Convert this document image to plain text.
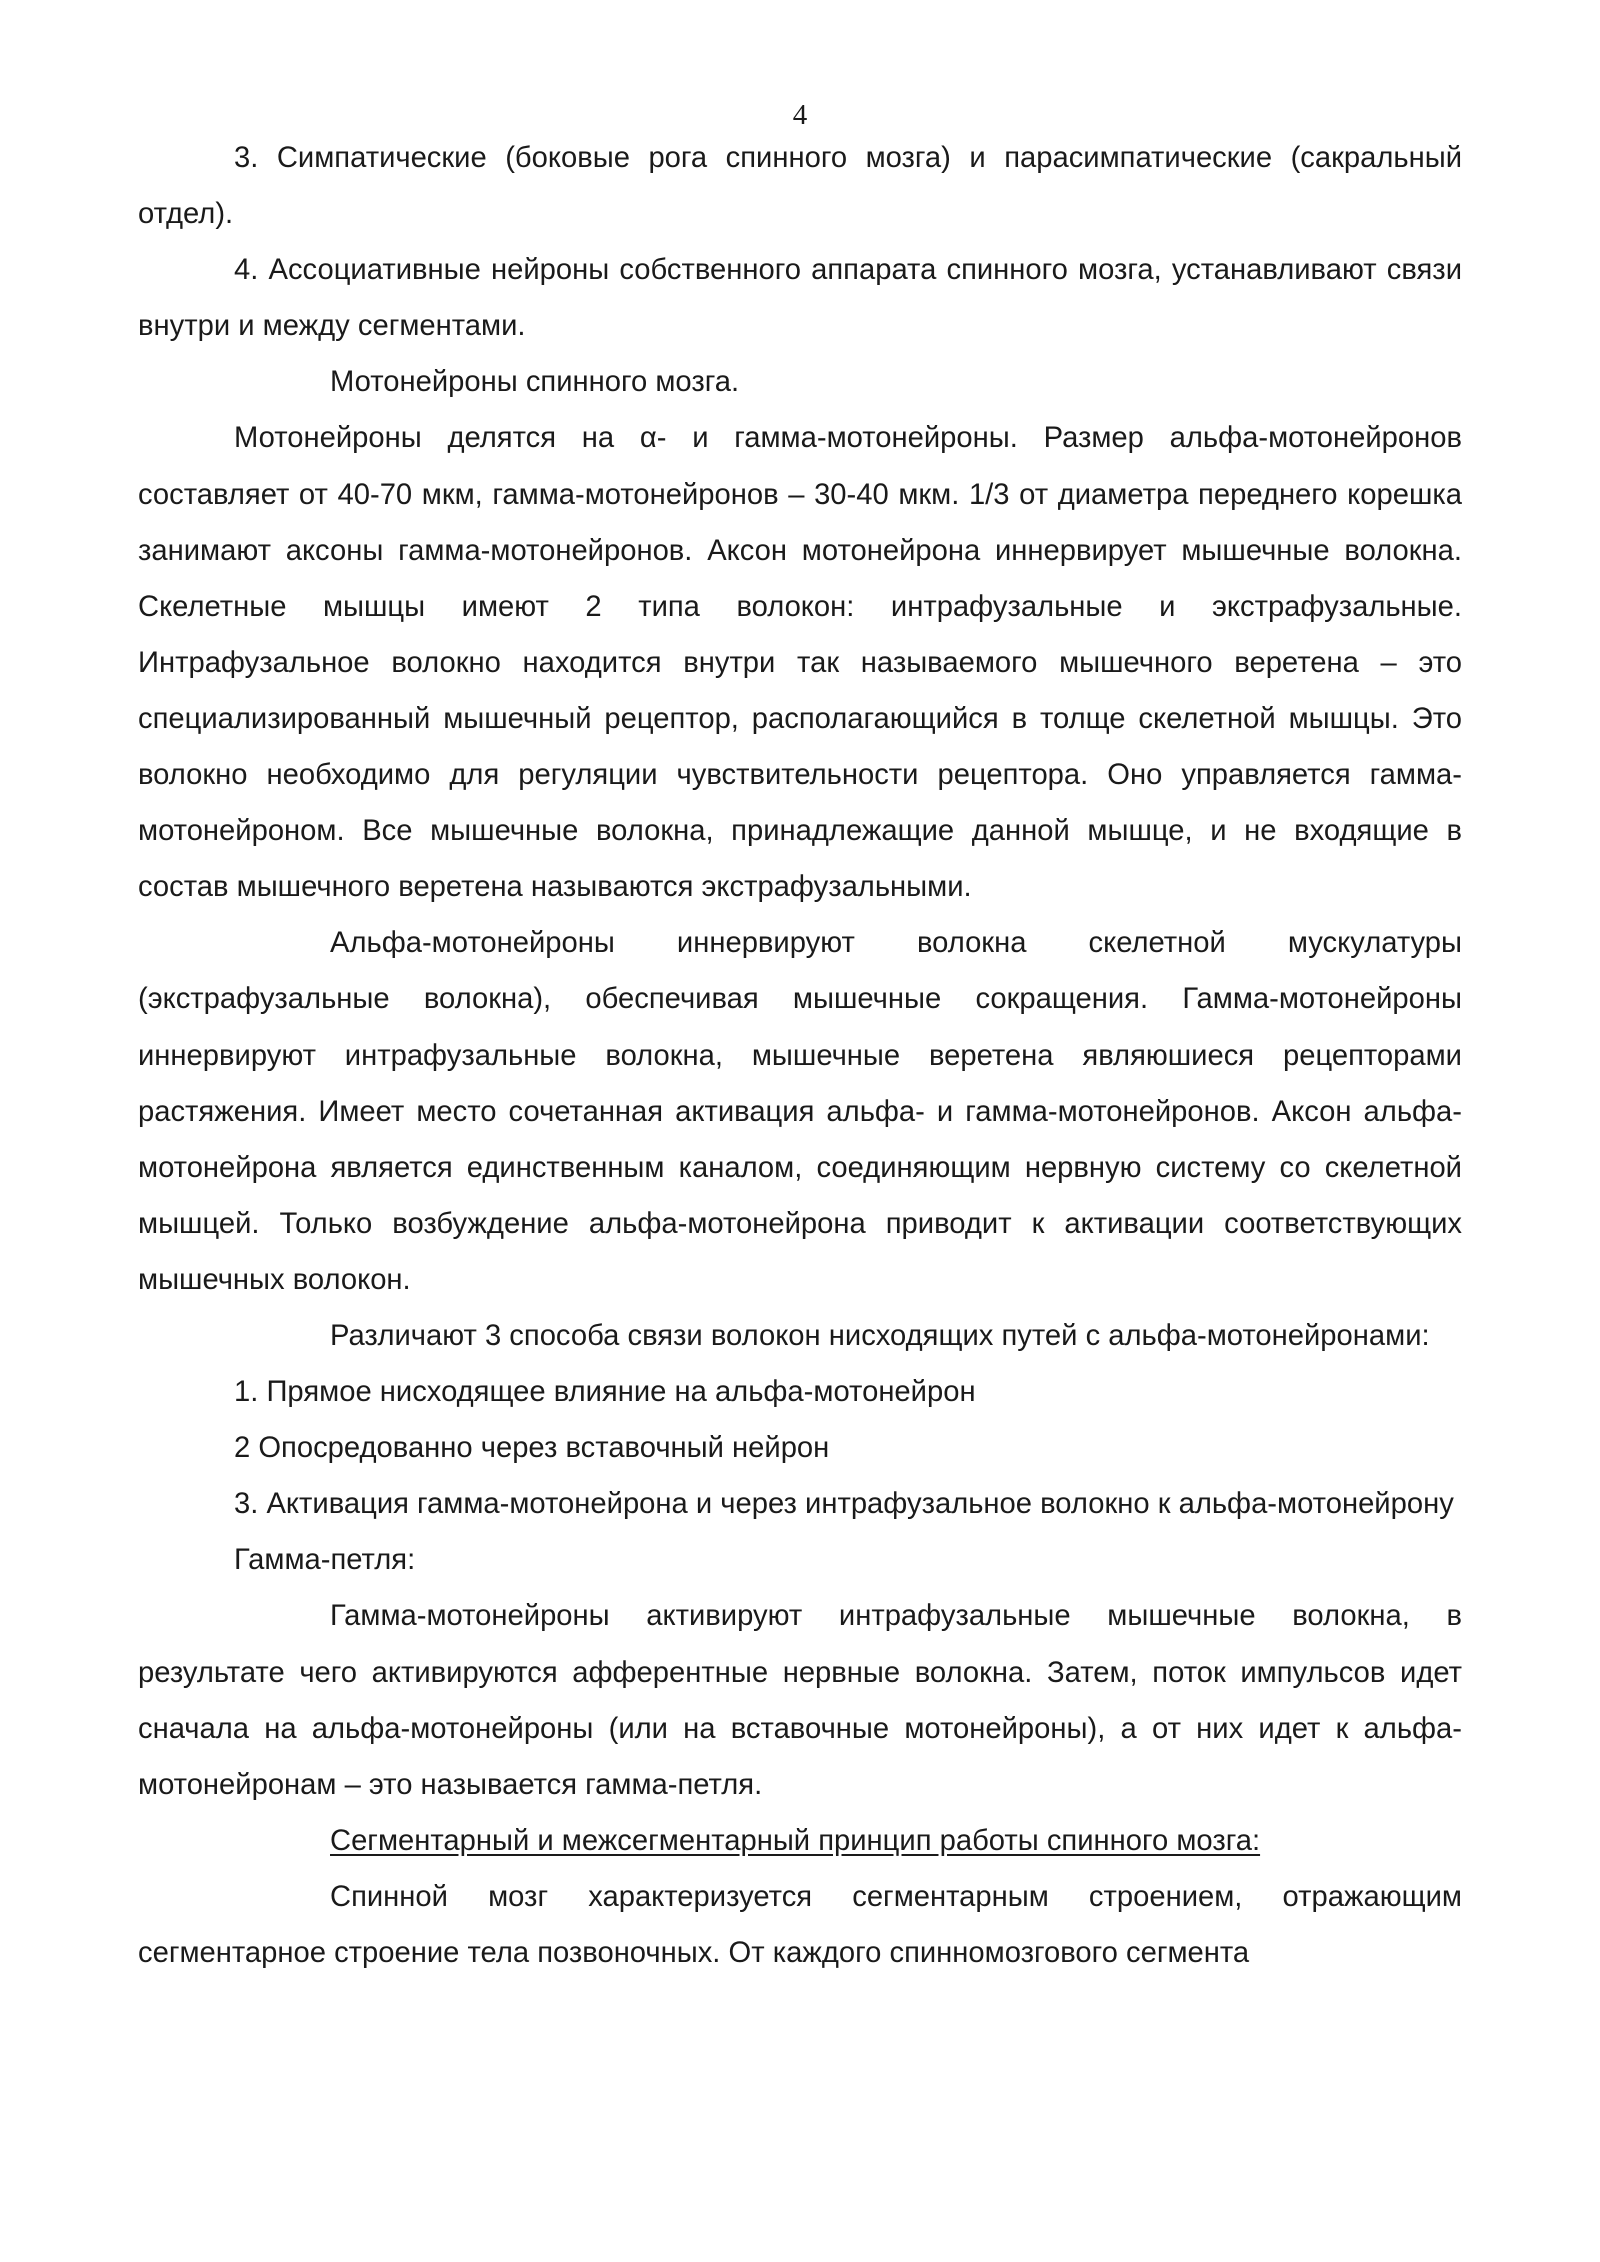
4

3. Симпатические (боковые рога спинного мозга) и парасимпатические (сакральный отдел).

4. Ассоциативные нейроны собственного аппарата спинного мозга, устанавливают связи внутри и между сегментами.

Мотонейроны спинного мозга.

Мотонейроны делятся на α- и гамма-мотонейроны. Размер альфа-мотонейронов составляет от 40-70 мкм, гамма-мотонейронов – 30-40 мкм. 1/3 от диаметра переднего корешка занимают аксоны гамма-мотонейронов. Аксон мотонейрона иннервирует мышечные волокна. Скелетные мышцы имеют 2 типа волокон: интрафузальные и экстрафузальные. Интрафузальное волокно находится внутри так называемого мышечного веретена – это специализированный мышечный рецептор, располагающийся в толще скелетной мышцы. Это волокно необходимо для регуляции чувствительности рецептора. Оно управляется гамма-мотонейроном. Все мышечные волокна, принадлежащие данной мышце, и не входящие в состав мышечного веретена называются экстрафузальными.

Альфа-мотонейроны иннервируют волокна скелетной мускулатуры (экстрафузальные волокна), обеспечивая мышечные сокращения. Гамма-мотонейроны иннервируют интрафузальные волокна, мышечные веретена являюшиеся рецепторами растяжения. Имеет место сочетанная активация альфа- и гамма-мотонейронов. Аксон альфа-мотонейрона является единственным каналом, соединяющим нервную систему со скелетной мышцей. Только возбуждение альфа-мотонейрона приводит к активации соответствующих мышечных волокон.

Различают 3 способа связи волокон нисходящих путей с альфа-мотонейронами:

1. Прямое нисходящее влияние на альфа-мотонейрон

2 Опосредованно через вставочный нейрон

3. Активация гамма-мотонейрона и через интрафузальное волокно к альфа-мотонейрону

Гамма-петля:

Гамма-мотонейроны активируют интрафузальные мышечные волокна, в результате чего активируются афферентные нервные волокна. Затем, поток импульсов идет сначала на альфа-мотонейроны (или на вставочные мотонейроны), а от них идет к альфа-мотонейронам – это называется гамма-петля.

Сегментарный и межсегментарный принцип работы спинного мозга:

Спинной мозг характеризуется сегментарным строением, отражающим сегментарное строение тела позвоночных. От каждого спинномозгового сегмента
